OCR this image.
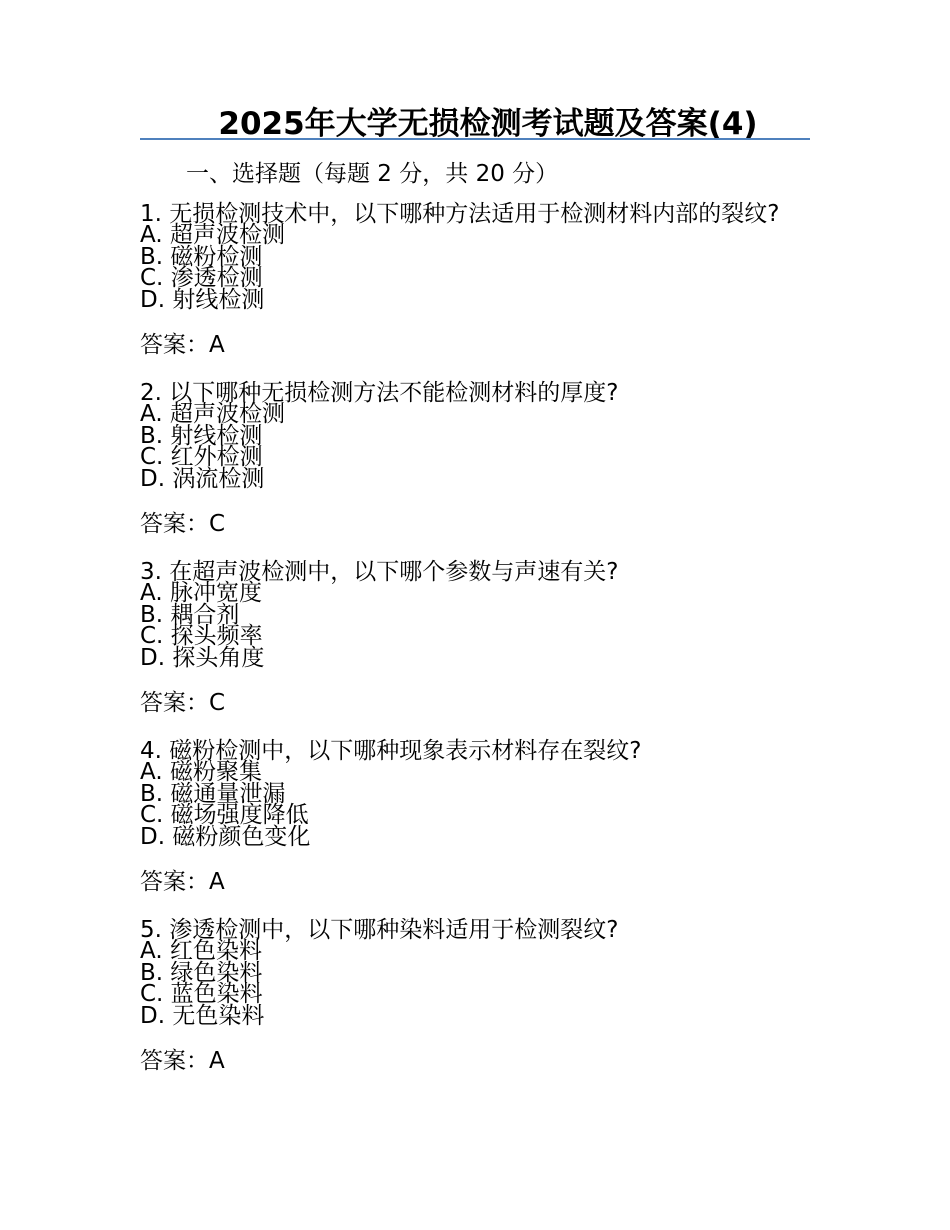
2025年大学无损检测考试题及答案(4)
一、选择题（每题 2 分，共 20 分）
1. 无损检测技术中，以下哪种方法适用于检测材料内部的裂纹?
A. 超声波检测
B. 磁粉检测
C. 渗透检测
D. 射线检测
答案：A
2. 以下哪种无损检测方法不能检测材料的厚度?
A. 超声波检测
B. 射线检测
C. 红外检测
D. 涡流检测
答案：C
3. 在超声波检测中，以下哪个参数与声速有关?
A. 脉冲宽度
B. 耦合剂
C. 探头频率
D. 探头角度
答案：C
4. 磁粉检测中，以下哪种现象表示材料存在裂纹?
A. 磁粉聚集
B. 磁通量泄漏
C. 磁场强度降低
D. 磁粉颜色变化
答案：A
5. 渗透检测中，以下哪种染料适用于检测裂纹?
A. 红色染料
B. 绿色染料
C. 蓝色染料
D. 无色染料
答案：A
